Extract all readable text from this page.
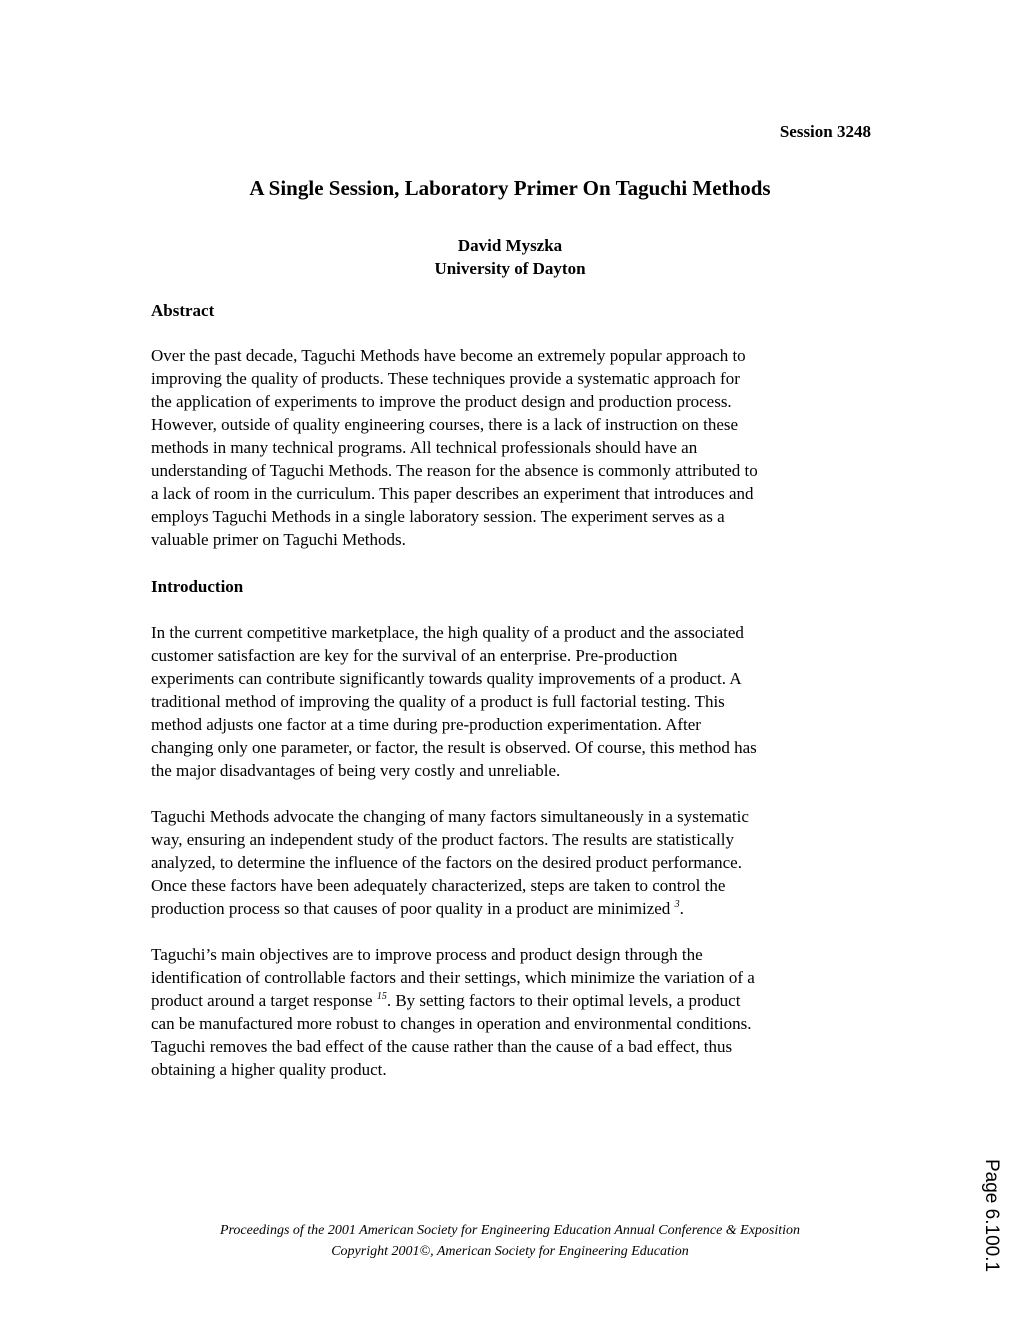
Session 3248
A Single Session, Laboratory Primer On Taguchi Methods
David Myszka
University of Dayton
Abstract

Over the past decade, Taguchi Methods have become an extremely popular approach to
improving the quality of products. These techniques provide a systematic approach for
the application of experiments to improve the product design and production process.
However, outside of quality engineering courses, there is a lack of instruction on these
methods in many technical programs. All technical professionals should have an
understanding of Taguchi Methods. The reason for the absence is commonly attributed to
a lack of room in the curriculum. This paper describes an experiment that introduces and
employs Taguchi Methods in a single laboratory session. The experiment serves as a
valuable primer on Taguchi Methods.

Introduction

In the current competitive marketplace, the high quality of a product and the associated
customer satisfaction are key for the survival of an enterprise. Pre-production
experiments can contribute significantly towards quality improvements of a product. A
traditional method of improving the quality of a product is full factorial testing. This
method adjusts one factor at a time during pre-production experimentation. After
changing only one parameter, or factor, the result is observed. Of course, this method has
the major disadvantages of being very costly and unreliable.

Taguchi Methods advocate the changing of many factors simultaneously in a systematic
way, ensuring an independent study of the product factors. The results are statistically
analyzed, to determine the influence of the factors on the desired product performance.
Once these factors have been adequately characterized, steps are taken to control the
production process so that causes of poor quality in a product are minimized $^3$.

Taguchi’s main objectives are to improve process and product design through the
identification of controllable factors and their settings, which minimize the variation of a
product around a target response $^{15}$. By setting factors to their optimal levels, a product
can be manufactured more robust to changes in operation and environmental conditions.
Taguchi removes the bad effect of the cause rather than the cause of a bad effect, thus
obtaining a higher quality product.

Proceedings of the 2001 American Society for Engineering Education Annual Conference & Exposition
Copyright 2001©, American Society for Engineering Education	Page 6.100.1
